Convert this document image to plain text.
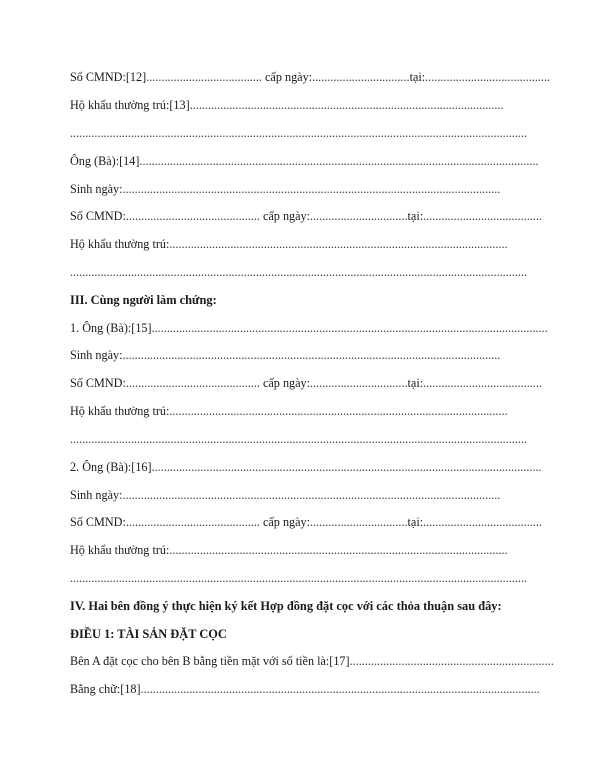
Số CMND:[12]...................................... cấp ngày:................................tại:.........................................
Hộ khẩu thường trú:[13].......................................................................................................
......................................................................................................................................................
Ông (Bà):[14]...................................................................................................................................
Sinh ngày:............................................................................................................................
Số CMND:............................................ cấp ngày:................................tại:.......................................
Hộ khẩu thường trú:...............................................................................................................
......................................................................................................................................................
III. Cùng người làm chứng:
1. Ông (Bà):[15]..................................................................................................................................
Sinh ngày:............................................................................................................................
Số CMND:............................................ cấp ngày:................................tại:.......................................
Hộ khẩu thường trú:...............................................................................................................
......................................................................................................................................................
2. Ông (Bà):[16]................................................................................................................................
Sinh ngày:............................................................................................................................
Số CMND:............................................ cấp ngày:................................tại:.......................................
Hộ khẩu thường trú:...............................................................................................................
......................................................................................................................................................
IV. Hai bên đồng ý thực hiện ký kết Hợp đồng đặt cọc với các thỏa thuận sau đây:
ĐIỀU 1: TÀI SẢN ĐẶT CỌC
Bên A đặt cọc cho bên B bằng tiền mặt với số tiền là:[17]...................................................................
Bằng chữ:[18]...................................................................................................................................
